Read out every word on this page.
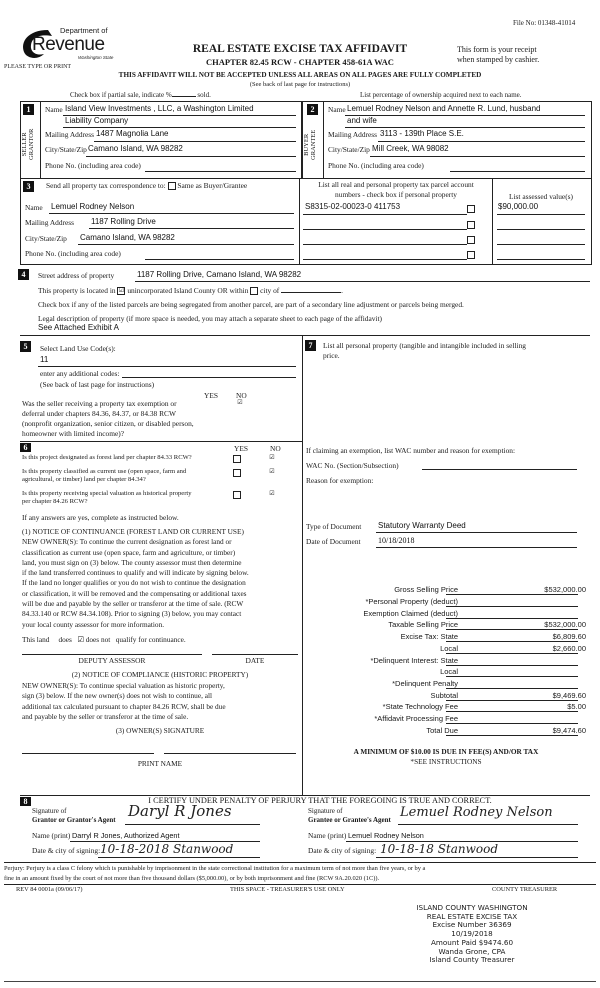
File No: 01348-41014
Department of
Revenue
Washington State
PLEASE TYPE OR PRINT
REAL ESTATE EXCISE TAX AFFIDAVIT
CHAPTER 82.45 RCW - CHAPTER 458-61A WAC
This form is your receipt
when stamped by cashier.
THIS AFFIDAVIT WILL NOT BE ACCEPTED UNLESS ALL AREAS ON ALL PAGES ARE FULLY COMPLETED
(See back of last page for instructions)
Check box if partial sale, indicate %	sold.	List percentage of ownership acquired next to each name.
1
SELLER
GRANTOR
Name Island View Investments , LLC, a Washington Limited
Liability Company
Mailing Address 1487 Magnolia Lane
City/State/Zip Camano Island, WA 98282
Phone No. (including area code)
2
BUYER
GRANTEE
Name Lemuel Rodney Nelson and Annette R. Lund, husband
and wife
Mailing Address 3113 - 139th Place S.E.
City/State/Zip Mill Creek, WA 98082
Phone No. (including area code)
3	Send all property tax correspondence to: Same as Buyer/Grantee
Name Lemuel Rodney Nelson
Mailing Address 1187 Rolling Drive
City/State/Zip Camano Island, WA 98282
Phone No. (including area code)
List all real and personal property tax parcel account
numbers - check box if personal property	List assessed value(s)
S8315-02-00023-0 411753	$90,000.00
4	Street address of property	1187 Rolling Drive, Camano Island, WA 98282
This property is located in ☑ unincorporated Island County OR within city of	.
Check box if any of the listed parcels are being segregated from another parcel, are part of a secondary line adjustment or parcels being merged.
Legal description of property (if more space is needed, you may attach a separate sheet to each page of the affidavit)
See Attached Exhibit A
5	Select Land Use Code(s):
11
enter any additional codes:
(See back of last page for instructions)
YES NO
Was the seller receiving a property tax exemption or	☑
deferral under chapters 84.36, 84.37, or 84.38 RCW
(nonprofit organization, senior citizen, or disabled person,
homeowner with limited income)?
6	YES	NO
Is this project designated as forest land per chapter 84.33 RCW?	☑
Is this property classified as current use (open space, farm and
agricultural, or timber) land per chapter 84.34?
☑
Is this property receiving special valuation as historical property
per chapter 84.26 RCW?
☑
If any answers are yes, complete as instructed below.
(1) NOTICE OF CONTINUANCE (FOREST LAND OR CURRENT USE)
NEW OWNER(S): To continue the current designation as forest land or
classification as current use (open space, farm and agriculture, or timber)
land, you must sign on (3) below. The county assessor must then determine
if the land transferred continues to qualify and will indicate by signing below.
If the land no longer qualifies or you do not wish to continue the designation
or classification, it will be removed and the compensating or additional taxes
will be due and payable by the seller or transferor at the time of sale. (RCW
84.33.140 or RCW 84.34.108). Prior to signing (3) below, you may contact
your local county assessor for more information.
This land does ☑ does not qualify for continuance.
DEPUTY ASSESSOR	DATE
(2) NOTICE OF COMPLIANCE (HISTORIC PROPERTY)
NEW OWNER(S): To continue special valuation as historic property,
sign (3) below. If the new owner(s) does not wish to continue, all
additional tax calculated pursuant to chapter 84.26 RCW, shall be due
and payable by the seller or transferor at the time of sale.
(3) OWNER(S) SIGNATURE
PRINT NAME
7	List all personal property (tangible and intangible included in selling
price.
If claiming an exemption, list WAC number and reason for exemption:
WAC No. (Section/Subsection)
Reason for exemption:
Type of Document Statutory Warranty Deed
Date of Document 10/18/2018
Gross Selling Price	$532,000.00
*Personal Property (deduct)
Exemption Claimed (deduct)
Taxable Selling Price	$532,000.00
Excise Tax: State	$6,809.60
Local	$2,660.00
*Delinquent Interest: State
Local
*Delinquent Penalty
Subtotal	$9,469.60
*State Technology Fee	$5.00
*Affidavit Processing Fee
Total Due	$9,474.60
A MINIMUM OF $10.00 IS DUE IN FEE(S) AND/OR TAX
*SEE INSTRUCTIONS
8	I CERTIFY UNDER PENALTY OF PERJURY THAT THE FOREGOING IS TRUE AND CORRECT.
Signature of
Grantor or Grantor's Agent Daryl R Jones
Name (print) Darryl R Jones, Authorized Agent
Date & city of signing: 10-18-2018 Stanwood
Signature of
Grantee or Grantee's Agent Lemuel Rodney Nelson
Name (print) Lemuel Rodney Nelson
Date & city of signing: 10-18-18 Stanwood
Perjury: Perjury is a class C felony which is punishable by imprisonment in the state correctional institution for a maximum term of not more than five years, or by a
fine in an amount fixed by the court of not more than five thousand dollars ($5,000.00), or by both imprisonment and fine (RCW 9A.20.020 (1C)).
REV 84 0001a (09/06/17)	THIS SPACE - TREASURER'S USE ONLY	COUNTY TREASURER
ISLAND COUNTY WASHINGTON
REAL ESTATE EXCISE TAX
Excise Number 36369
10/19/2018
Amount Paid $9474.60
Wanda Grone, CPA
Island County Treasurer
